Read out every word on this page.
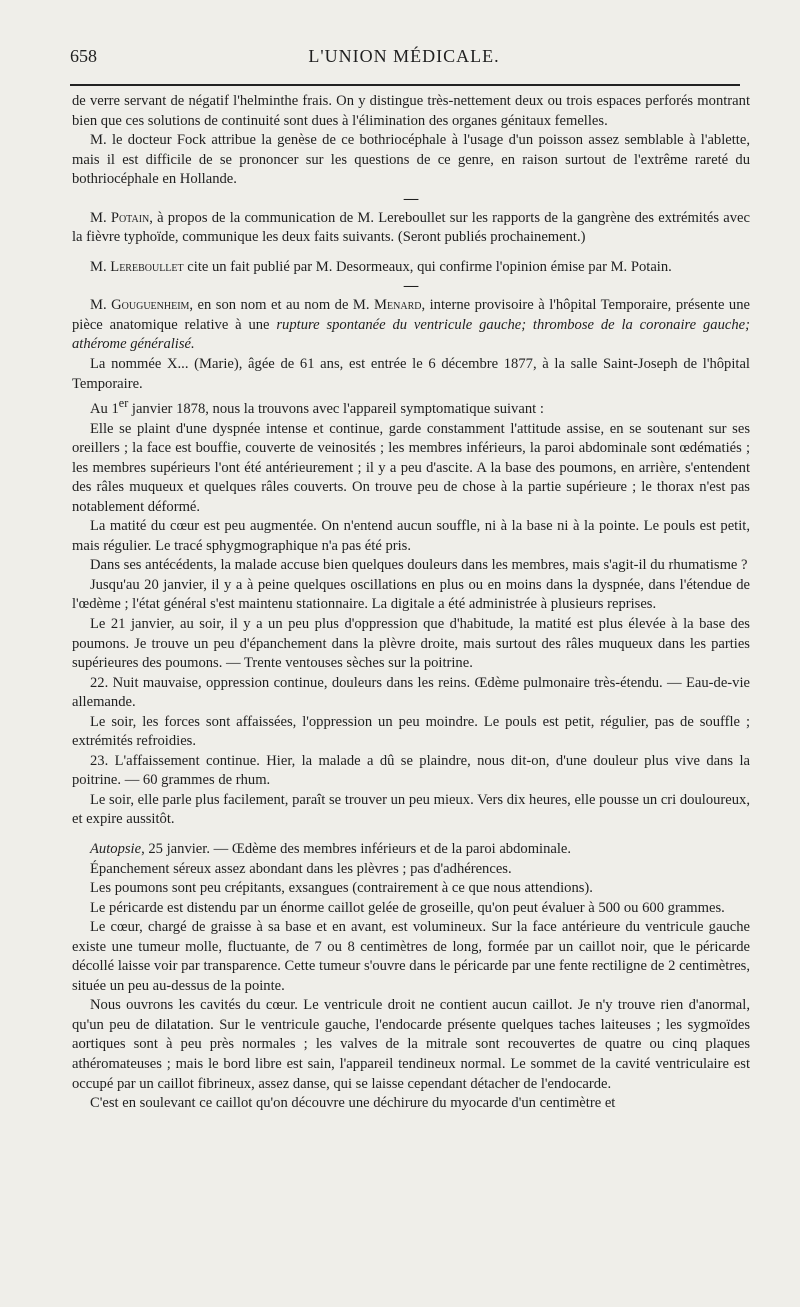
658	L'UNION MÉDICALE.

de verre servant de négatif l'helminthe frais. On y distingue très-nettement deux ou trois espaces perforés montrant bien que ces solutions de continuité sont dues à l'élimination des organes génitaux femelles.

M. le docteur Fock attribue la genèse de ce bothriocéphale à l'usage d'un poisson assez semblable à l'ablette, mais il est difficile de se prononcer sur les questions de ce genre, en raison surtout de l'extrême rareté du bothriocéphale en Hollande.

—

M. Potain, à propos de la communication de M. Lereboullet sur les rapports de la gangrène des extrémités avec la fièvre typhoïde, communique les deux faits suivants. (Seront publiés prochainement.)

M. Lereboullet cite un fait publié par M. Desormeaux, qui confirme l'opinion émise par M. Potain.

—

M. Gouguenheim, en son nom et au nom de M. Menard, interne provisoire à l'hôpital Temporaire, présente une pièce anatomique relative à une rupture spontanée du ventricule gauche; thrombose de la coronaire gauche; athérome généralisé.

La nommée X... (Marie), âgée de 61 ans, est entrée le 6 décembre 1877, à la salle Saint-Joseph de l'hôpital Temporaire.

Au 1er janvier 1878, nous la trouvons avec l'appareil symptomatique suivant :

Elle se plaint d'une dyspnée intense et continue, garde constamment l'attitude assise, en se soutenant sur ses oreillers ; la face est bouffie, couverte de veinosités ; les membres inférieurs, la paroi abdominale sont œdématiés ; les membres supérieurs l'ont été antérieurement ; il y a peu d'ascite. A la base des poumons, en arrière, s'entendent des râles muqueux et quelques râles couverts. On trouve peu de chose à la partie supérieure ; le thorax n'est pas notablement déformé.

La matité du cœur est peu augmentée. On n'entend aucun souffle, ni à la base ni à la pointe. Le pouls est petit, mais régulier. Le tracé sphygmographique n'a pas été pris.

Dans ses antécédents, la malade accuse bien quelques douleurs dans les membres, mais s'agit-il du rhumatisme ?

Jusqu'au 20 janvier, il y a à peine quelques oscillations en plus ou en moins dans la dyspnée, dans l'étendue de l'œdème ; l'état général s'est maintenu stationnaire. La digitale a été administrée à plusieurs reprises.

Le 21 janvier, au soir, il y a un peu plus d'oppression que d'habitude, la matité est plus élevée à la base des poumons. Je trouve un peu d'épanchement dans la plèvre droite, mais surtout des râles muqueux dans les parties supérieures des poumons. — Trente ventouses sèches sur la poitrine.

22. Nuit mauvaise, oppression continue, douleurs dans les reins. Œdème pulmonaire très-étendu. — Eau-de-vie allemande.

Le soir, les forces sont affaissées, l'oppression un peu moindre. Le pouls est petit, régulier, pas de souffle ; extrémités refroidies.

23. L'affaissement continue. Hier, la malade a dû se plaindre, nous dit-on, d'une douleur plus vive dans la poitrine. — 60 grammes de rhum.

Le soir, elle parle plus facilement, paraît se trouver un peu mieux. Vers dix heures, elle pousse un cri douloureux, et expire aussitôt.

Autopsie, 25 janvier. — Œdème des membres inférieurs et de la paroi abdominale.

Épanchement séreux assez abondant dans les plèvres ; pas d'adhérences.

Les poumons sont peu crépitants, exsangues (contrairement à ce que nous attendions).

Le péricarde est distendu par un énorme caillot gelée de groseille, qu'on peut évaluer à 500 ou 600 grammes.

Le cœur, chargé de graisse à sa base et en avant, est volumineux. Sur la face antérieure du ventricule gauche existe une tumeur molle, fluctuante, de 7 ou 8 centimètres de long, formée par un caillot noir, que le péricarde décollé laisse voir par transparence. Cette tumeur s'ouvre dans le péricarde par une fente rectiligne de 2 centimètres, située un peu au-dessus de la pointe.

Nous ouvrons les cavités du cœur. Le ventricule droit ne contient aucun caillot. Je n'y trouve rien d'anormal, qu'un peu de dilatation. Sur le ventricule gauche, l'endocarde présente quelques taches laiteuses ; les sygmoïdes aortiques sont à peu près normales ; les valves de la mitrale sont recouvertes de quatre ou cinq plaques athéromateuses ; mais le bord libre est sain, l'appareil tendineux normal. Le sommet de la cavité ventriculaire est occupé par un caillot fibrineux, assez danse, qui se laisse cependant détacher de l'endocarde.

C'est en soulevant ce caillot qu'on découvre une déchirure du myocarde d'un centimètre et
